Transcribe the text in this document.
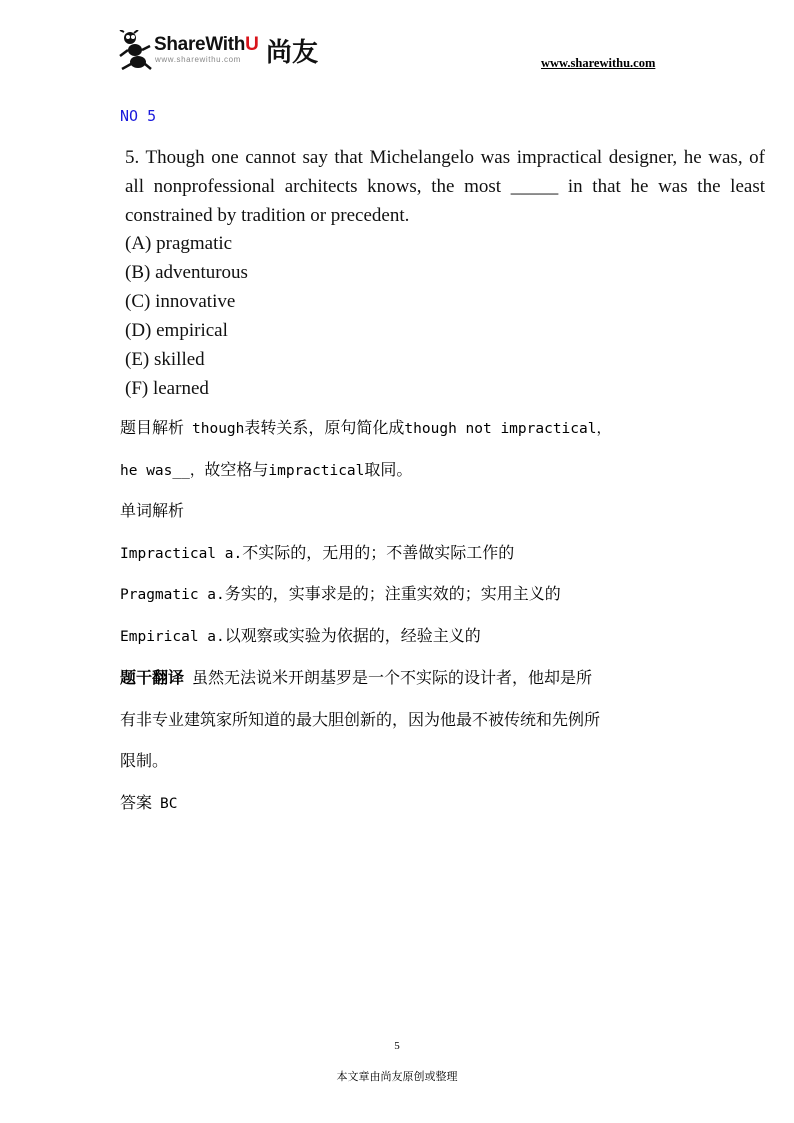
ShareWithU 尚友
www.sharewithu.com	www.sharewithu.com
NO 5
5. Though one cannot say that Michelangelo was impractical designer, he was, of all nonprofessional architects knows, the most _____ in that he was the least constrained by tradition or precedent.
(A) pragmatic
(B) adventurous
(C) innovative
(D) empirical
(E) skilled
(F) learned
题目解析 though表转关系，原句简化成though not impractical，
he was__，故空格与impractical取同。
单词解析
Impractical a.不实际的，无用的；不善做实际工作的
Pragmatic a.务实的，实事求是的；注重实效的；实用主义的
Empirical a.以观察或实验为依据的，经验主义的
题干翻译 虽然无法说米开朗基罗是一个不实际的设计者，他却是所
有非专业建筑家所知道的最大胆创新的，因为他最不被传统和先例所
限制。
答案 BC
5
本文章由尚友原创或整理
